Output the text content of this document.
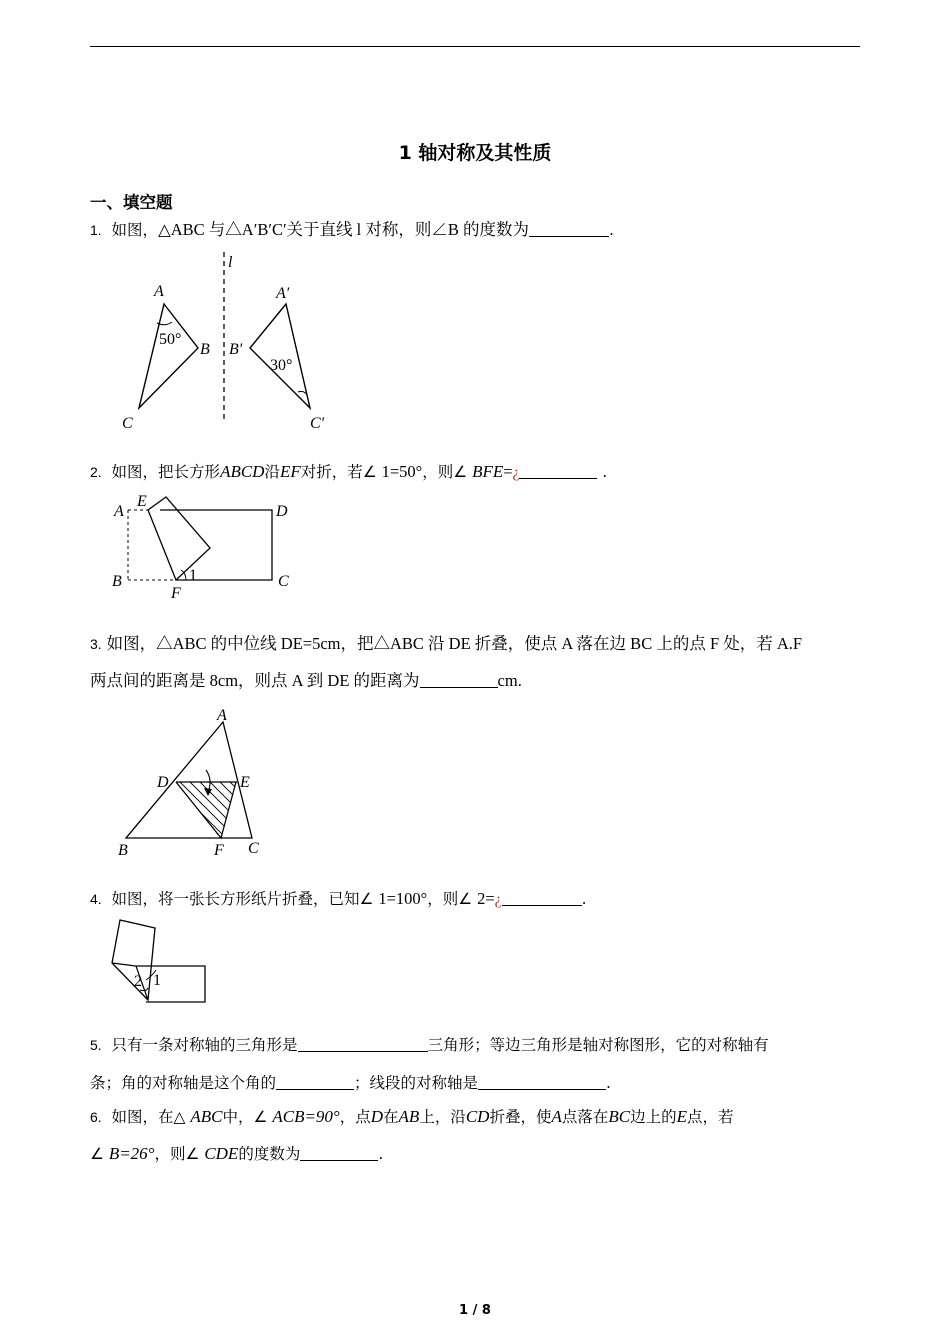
1 轴对称及其性质
一、填空题
1. 如图，△ABC 与△A′B′C′关于直线 l 对称，则∠B 的度数为	.
l
A
B
C
A′
B′
C′
50°
30°
2. 如图，把长方形ABCD沿EF对折，若∠ 1=50°，则∠ BFE=¿	.
A
E
D
B	C
F
1
3. 如图，△ABC 的中位线 DE=5cm，把△ABC 沿 DE 折叠，使点 A 落在边 BC 上的点 F 处，若 A.F
两点间的距离是 8cm，则点 A 到 DE 的距离为	cm.
A
D	E
B	F C
4. 如图，将一张长方形纸片折叠，已知∠ 1=100°，则∠ 2=¿	.
1
2
5. 只有一条对称轴的三角形是	三角形；等边三角形是轴对称图形，它的对称轴有
条；角的对称轴是这个角的	；线段的对称轴是	.
6. 如图，在△ ABC中，∠ ACB=90°，点D在AB上，沿CD折叠，使A点落在BC边上的E点，若
∠ B=26°，则∠ CDE的度数为	.
1 / 8
